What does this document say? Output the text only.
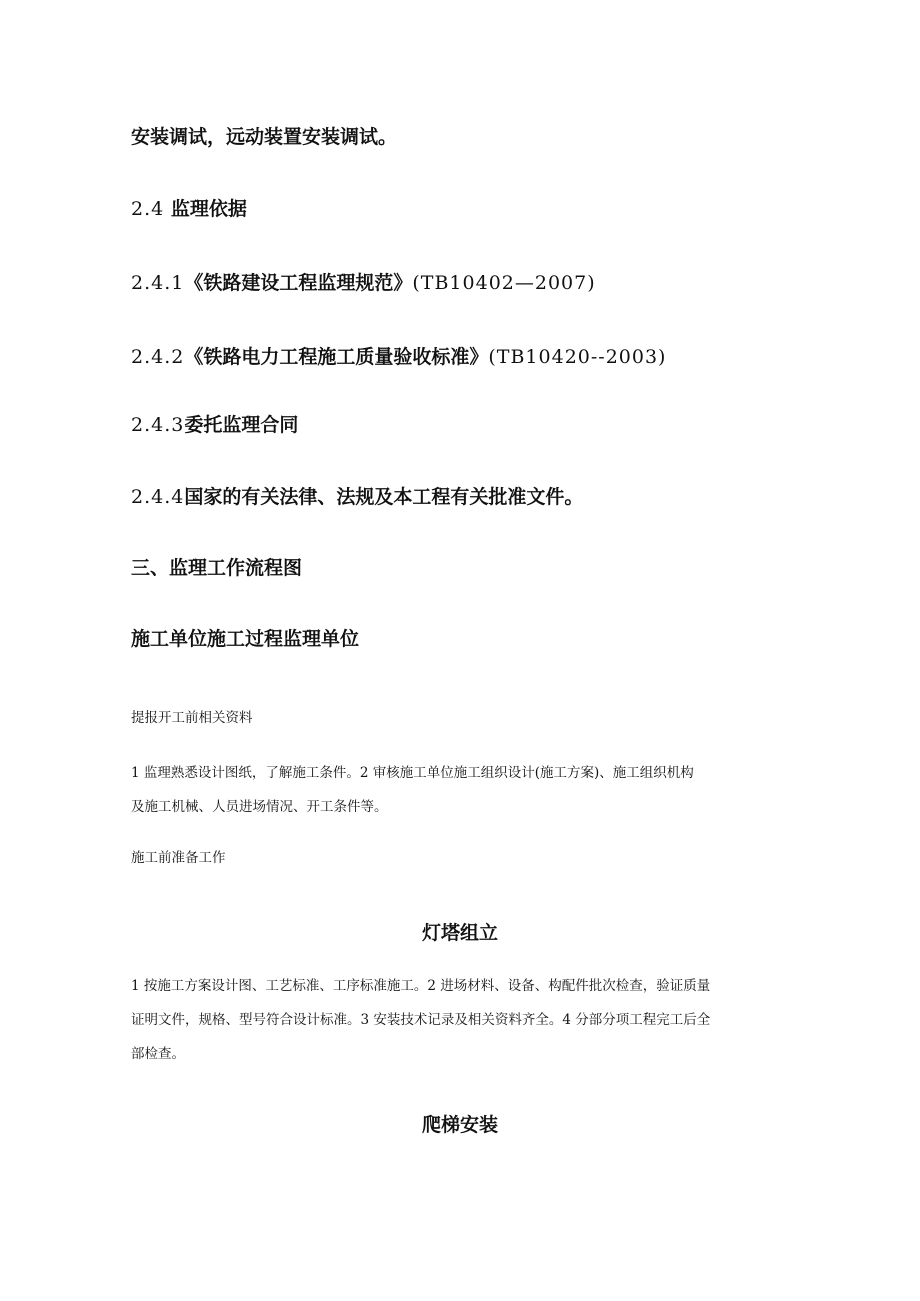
安装调试，远动装置安装调试。

2.4 监理依据

2.4.1《铁路建设工程监理规范》(TB10402—2007)

2.4.2《铁路电力工程施工质量验收标准》(TB10420--2003)

2.4.3委托监理合同

2.4.4国家的有关法律、法规及本工程有关批准文件。

三、监理工作流程图

施工单位施工过程监理单位

提报开工前相关资料

1 监理熟悉设计图纸，了解施工条件。2 审核施工单位施工组织设计(施工方案)、施工组织机构
及施工机械、人员进场情况、开工条件等。

施工前准备工作

灯塔组立

1 按施工方案设计图、工艺标准、工序标准施工。2 进场材料、设备、构配件批次检查，验证质量
证明文件，规格、型号符合设计标准。3 安装技术记录及相关资料齐全。4 分部分项工程完工后全
部检查。

爬梯安装
